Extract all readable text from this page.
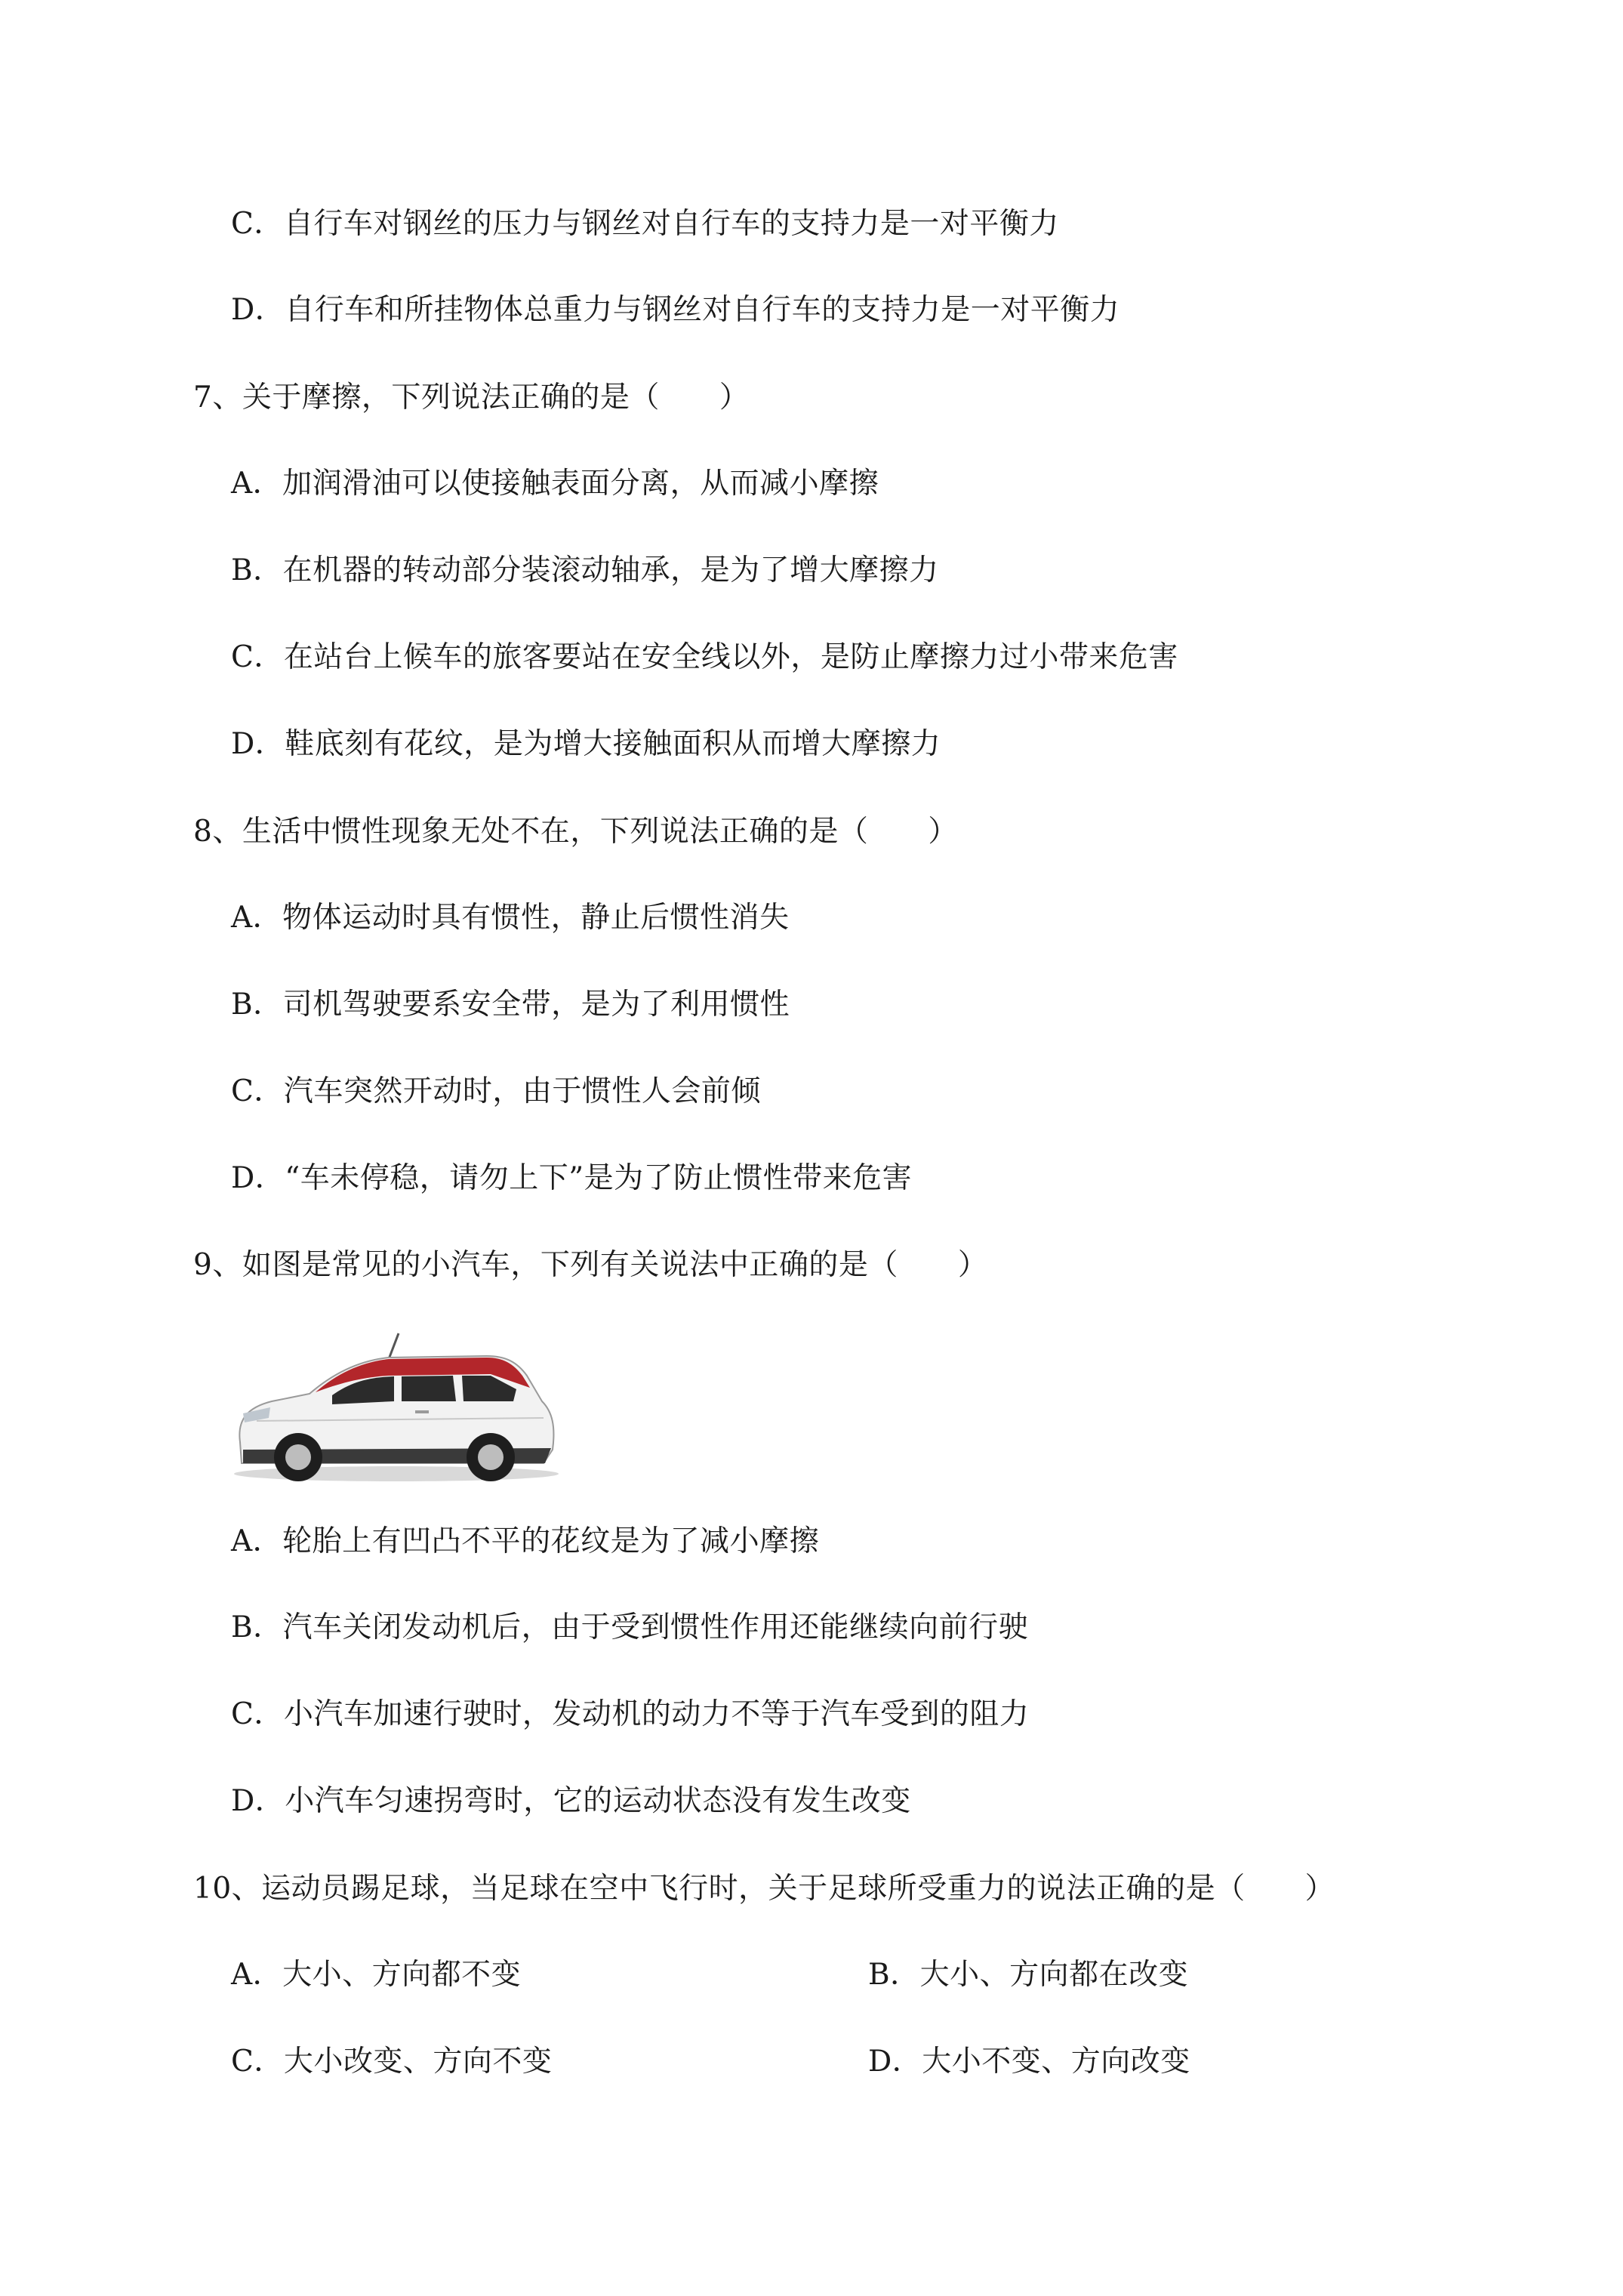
C．自行车对钢丝的压力与钢丝对自行车的支持力是一对平衡力
D．自行车和所挂物体总重力与钢丝对自行车的支持力是一对平衡力
7、关于摩擦，下列说法正确的是（　　）
A．加润滑油可以使接触表面分离，从而减小摩擦
B．在机器的转动部分装滚动轴承，是为了增大摩擦力
C．在站台上候车的旅客要站在安全线以外，是防止摩擦力过小带来危害
D．鞋底刻有花纹，是为增大接触面积从而增大摩擦力
8、生活中惯性现象无处不在，下列说法正确的是（　　）
A．物体运动时具有惯性，静止后惯性消失
B．司机驾驶要系安全带，是为了利用惯性
C．汽车突然开动时，由于惯性人会前倾
D．“车未停稳，请勿上下”是为了防止惯性带来危害
9、如图是常见的小汽车，下列有关说法中正确的是（　　）
A．轮胎上有凹凸不平的花纹是为了减小摩擦
B．汽车关闭发动机后，由于受到惯性作用还能继续向前行驶
C．小汽车加速行驶时，发动机的动力不等于汽车受到的阻力
D．小汽车匀速拐弯时，它的运动状态没有发生改变
10、运动员踢足球，当足球在空中飞行时，关于足球所受重力的说法正确的是（　　）
A．大小、方向都不变	B．大小、方向都在改变
C．大小改变、方向不变	D．大小不变、方向改变
